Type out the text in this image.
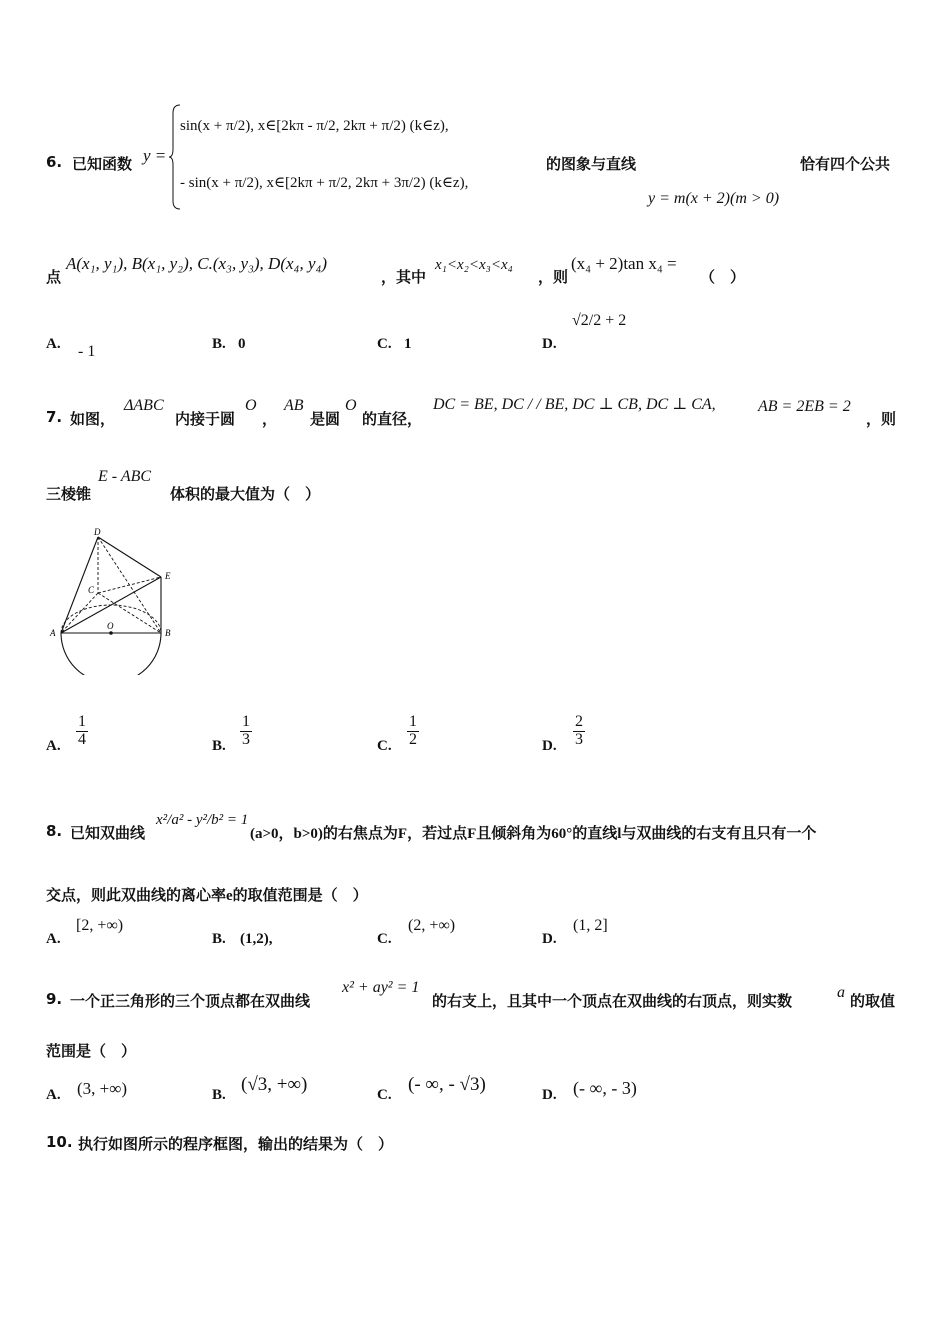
6. 已知函数 y =
sin(x + π/2), x∈[2kπ - π/2, 2kπ + π/2) (k∈z),
- sin(x + π/2), x∈[2kπ + π/2, 2kπ + 3π/2) (k∈z),
的图象与直线	恰有四个公共
y = m(x + 2)(m > 0)
点
A(x₁, y₁), B(x₁, y₂), C.(x₃, y₃), D(x₄, y₄)
，其中
x₁<x₂<x₃<x₄
，则
(x₄ + 2)tan x₄ =
（　）
A. - 1	B. 0	C. 1	D.
√2/2 + 2
7. 如图，
ΔABC
内接于圆
O
，
AB
是圆
O
的直径，
DC = BE, DC / / BE, DC ⊥ CB, DC ⊥ CA,	AB = 2EB = 2
，则
三棱锥
E - ABC
体积的最大值为（　）
D
E
C
A	B
O
A. $\frac{1}{4}$	B. $\frac{1}{3}$	C. $\frac{1}{2}$	D. $\frac{2}{3}$
8. 已知双曲线
x²/a² - y²/b² = 1
(a>0，b>0)的右焦点为F，若过点F且倾斜角为60°的直线l与双曲线的右支有且只有一个
交点，则此双曲线的离心率e的取值范围是（　）
A.
[2, +∞)
B. (1,2),	C.
(2, +∞)
D.
(1, 2]
9. 一个正三角形的三个顶点都在双曲线
x² + ay² = 1
的右支上，且其中一个顶点在双曲线的右顶点，则实数	a 的取值
范围是（　）
A. (3, +∞)	B. (√3, +∞)	C. (- ∞, - √3)	D. (- ∞, - 3)
10. 执行如图所示的程序框图，输出的结果为（　）
